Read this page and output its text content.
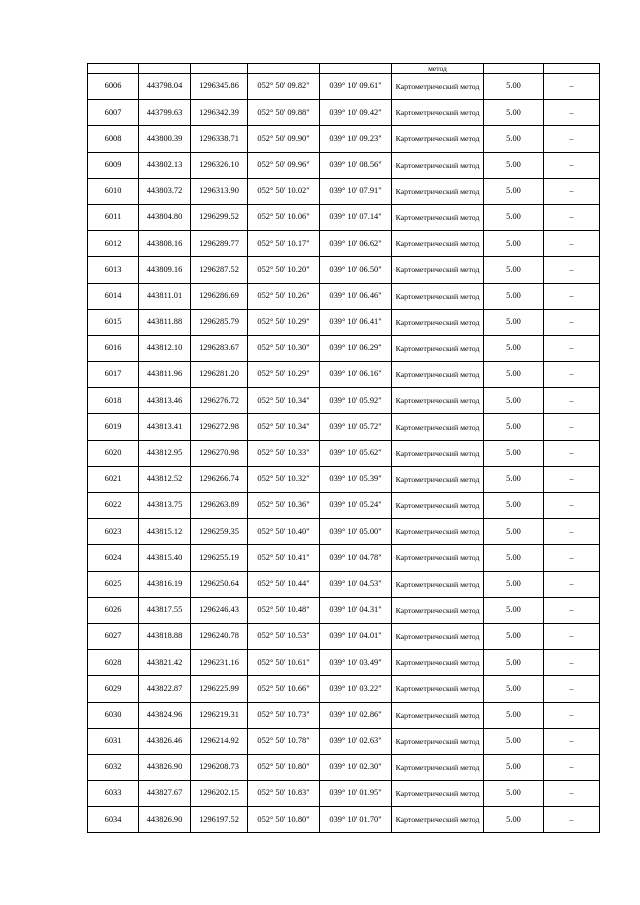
					метод		
6006	443798.04	1296345.86	052° 50' 09.82"	039° 10' 09.61"	Картометрический метод	5.00	–
6007	443799.63	1296342.39	052° 50' 09.88"	039° 10' 09.42"	Картометрический метод	5.00	–
6008	443800.39	1296338.71	052° 50' 09.90"	039° 10' 09.23"	Картометрический метод	5.00	–
6009	443802.13	1296326.10	052° 50' 09.96"	039° 10' 08.56"	Картометрический метод	5.00	–
6010	443803.72	1296313.90	052° 50' 10.02"	039° 10' 07.91"	Картометрический метод	5.00	–
6011	443804.80	1296299.52	052° 50' 10.06"	039° 10' 07.14"	Картометрический метод	5.00	–
6012	443808.16	1296289.77	052° 50' 10.17"	039° 10' 06.62"	Картометрический метод	5.00	–
6013	443809.16	1296287.52	052° 50' 10.20"	039° 10' 06.50"	Картометрический метод	5.00	–
6014	443811.01	1296286.69	052° 50' 10.26"	039° 10' 06.46"	Картометрический метод	5.00	–
6015	443811.88	1296285.79	052° 50' 10.29"	039° 10' 06.41"	Картометрический метод	5.00	–
6016	443812.10	1296283.67	052° 50' 10.30"	039° 10' 06.29"	Картометрический метод	5.00	–
6017	443811.96	1296281.20	052° 50' 10.29"	039° 10' 06.16"	Картометрический метод	5.00	–
6018	443813.46	1296276.72	052° 50' 10.34"	039° 10' 05.92"	Картометрический метод	5.00	–
6019	443813.41	1296272.98	052° 50' 10.34"	039° 10' 05.72"	Картометрический метод	5.00	–
6020	443812.95	1296270.98	052° 50' 10.33"	039° 10' 05.62"	Картометрический метод	5.00	–
6021	443812.52	1296266.74	052° 50' 10.32"	039° 10' 05.39"	Картометрический метод	5.00	–
6022	443813.75	1296263.89	052° 50' 10.36"	039° 10' 05.24"	Картометрический метод	5.00	–
6023	443815.12	1296259.35	052° 50' 10.40"	039° 10' 05.00"	Картометрический метод	5.00	–
6024	443815.40	1296255.19	052° 50' 10.41"	039° 10' 04.78"	Картометрический метод	5.00	–
6025	443816.19	1296250.64	052° 50' 10.44"	039° 10' 04.53"	Картометрический метод	5.00	–
6026	443817.55	1296246.43	052° 50' 10.48"	039° 10' 04.31"	Картометрический метод	5.00	–
6027	443818.88	1296240.78	052° 50' 10.53"	039° 10' 04.01"	Картометрический метод	5.00	–
6028	443821.42	1296231.16	052° 50' 10.61"	039° 10' 03.49"	Картометрический метод	5.00	–
6029	443822.87	1296225.99	052° 50' 10.66"	039° 10' 03.22"	Картометрический метод	5.00	–
6030	443824.96	1296219.31	052° 50' 10.73"	039° 10' 02.86"	Картометрический метод	5.00	–
6031	443826.46	1296214.92	052° 50' 10.78"	039° 10' 02.63"	Картометрический метод	5.00	–
6032	443826.90	1296208.73	052° 50' 10.80"	039° 10' 02.30"	Картометрический метод	5.00	–
6033	443827.67	1296202.15	052° 50' 10.83"	039° 10' 01.95"	Картометрический метод	5.00	–
6034	443826.90	1296197.52	052° 50' 10.80"	039° 10' 01.70"	Картометрический метод	5.00	–
